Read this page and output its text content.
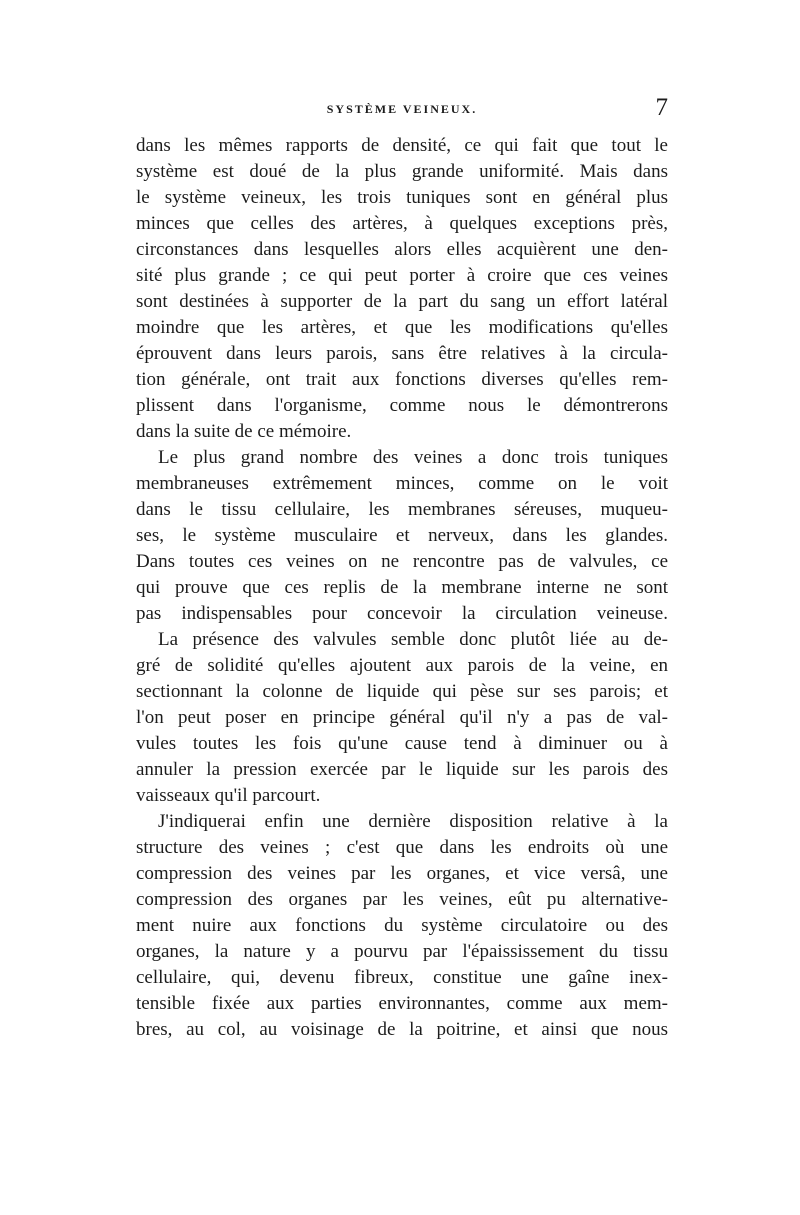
SYSTÈME VEINEUX.	7

dans les mêmes rapports de densité, ce qui fait que tout le
système est doué de la plus grande uniformité. Mais dans
le système veineux, les trois tuniques sont en général plus
minces que celles des artères, à quelques exceptions près,
circonstances dans lesquelles alors elles acquièrent une den-
sité plus grande ; ce qui peut porter à croire que ces veines
sont destinées à supporter de la part du sang un effort latéral
moindre que les artères, et que les modifications qu'elles
éprouvent dans leurs parois, sans être relatives à la circula-
tion générale, ont trait aux fonctions diverses qu'elles rem-
plissent dans l'organisme, comme nous le démontrerons
dans la suite de ce mémoire.

Le plus grand nombre des veines a donc trois tuniques
membraneuses extrêmement minces, comme on le voit
dans le tissu cellulaire, les membranes séreuses, muqueu-
ses, le système musculaire et nerveux, dans les glandes.
Dans toutes ces veines on ne rencontre pas de valvules, ce
qui prouve que ces replis de la membrane interne ne sont
pas indispensables pour concevoir la circulation veineuse.

La présence des valvules semble donc plutôt liée au de-
gré de solidité qu'elles ajoutent aux parois de la veine, en
sectionnant la colonne de liquide qui pèse sur ses parois; et
l'on peut poser en principe général qu'il n'y a pas de val-
vules toutes les fois qu'une cause tend à diminuer ou à
annuler la pression exercée par le liquide sur les parois des
vaisseaux qu'il parcourt.

J'indiquerai enfin une dernière disposition relative à la
structure des veines ; c'est que dans les endroits où une
compression des veines par les organes, et vice versâ, une
compression des organes par les veines, eût pu alternative-
ment nuire aux fonctions du système circulatoire ou des
organes, la nature y a pourvu par l'épaississement du tissu
cellulaire, qui, devenu fibreux, constitue une gaîne inex-
tensible fixée aux parties environnantes, comme aux mem-
bres, au col, au voisinage de la poitrine, et ainsi que nous
